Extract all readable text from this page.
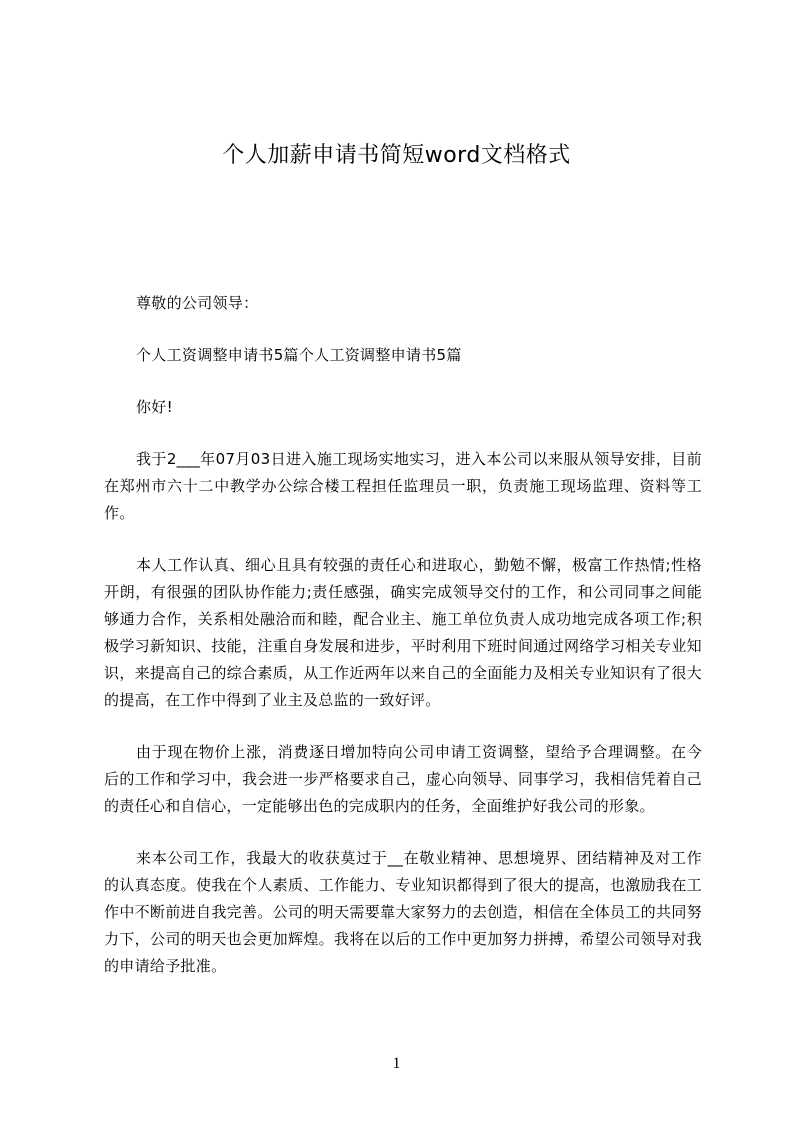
个人加薪申请书简短word文档格式

尊敬的公司领导：

个人工资调整申请书5篇个人工资调整申请书5篇

你好!

我于2___年07月03日进入施工现场实地实习，进入本公司以来服从领导安排，目前在郑州市六十二中教学办公综合楼工程担任监理员一职，负责施工现场监理、资料等工作。

本人工作认真、细心且具有较强的责任心和进取心，勤勉不懈，极富工作热情;性格开朗，有很强的团队协作能力;责任感强，确实完成领导交付的工作，和公司同事之间能够通力合作，关系相处融洽而和睦，配合业主、施工单位负责人成功地完成各项工作;积极学习新知识、技能，注重自身发展和进步，平时利用下班时间通过网络学习相关专业知识，来提高自己的综合素质，从工作近两年以来自己的全面能力及相关专业知识有了很大的提高，在工作中得到了业主及总监的一致好评。

由于现在物价上涨，消费逐日增加特向公司申请工资调整，望给予合理调整。在今后的工作和学习中，我会进一步严格要求自己，虚心向领导、同事学习，我相信凭着自己的责任心和自信心，一定能够出色的完成职内的任务，全面维护好我公司的形象。

来本公司工作，我最大的收获莫过于__在敬业精神、思想境界、团结精神及对工作的认真态度。使我在个人素质、工作能力、专业知识都得到了很大的提高，也激励我在工作中不断前进自我完善。公司的明天需要靠大家努力的去创造，相信在全体员工的共同努力下，公司的明天也会更加辉煌。我将在以后的工作中更加努力拼搏，希望公司领导对我的申请给予批准。

1
